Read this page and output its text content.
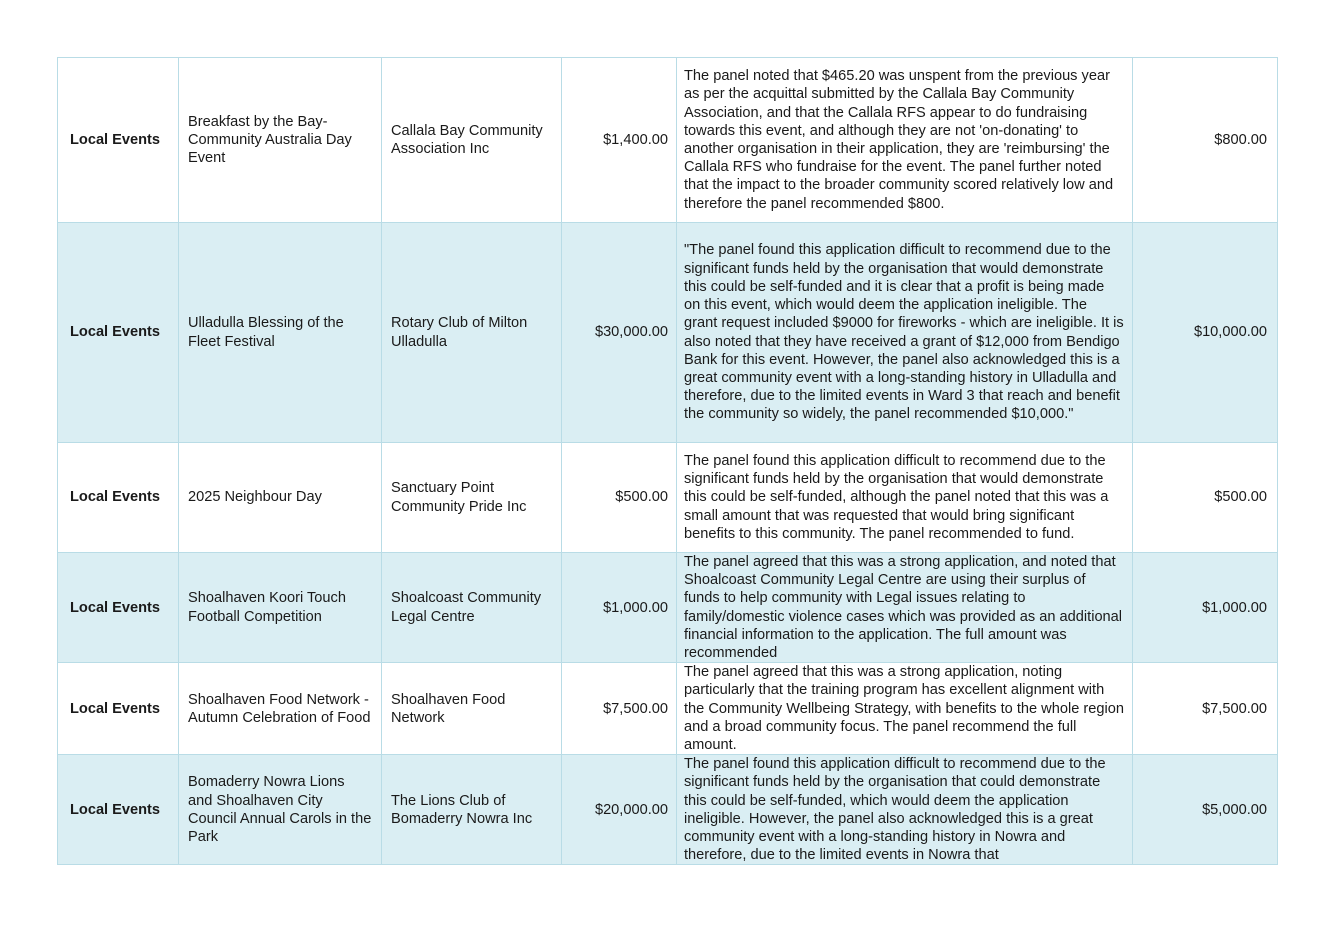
Local Events	Breakfast by the Bay- Community Australia Day Event	Callala Bay Community Association Inc	$1,400.00	The panel noted that $465.20 was unspent from the previous year as per the acquittal submitted by the Callala Bay Community Association, and that the Callala RFS appear to do fundraising towards this event, and although they are not 'on-donating' to another organisation in their application, they are 'reimbursing' the Callala RFS who fundraise for the event. The panel further noted that the impact to the broader community scored relatively low and therefore the panel recommended $800.	$800.00
Local Events	Ulladulla Blessing of the Fleet Festival	Rotary Club of Milton Ulladulla	$30,000.00	"The panel found this application difficult to recommend due to the significant funds held by the organisation that would demonstrate this could be self-funded and it is clear that a profit is being made on this event, which would deem the application ineligible. The grant request included $9000 for fireworks - which are ineligible. It is also noted that they have received a grant of $12,000 from Bendigo Bank for this event. However, the panel also acknowledged this is a great community event with a long-standing history in Ulladulla and therefore, due to the limited events in Ward 3 that reach and benefit the community so widely, the panel recommended $10,000."	$10,000.00
Local Events	2025 Neighbour Day	Sanctuary Point Community Pride Inc	$500.00	The panel found this application difficult to recommend due to the significant funds held by the organisation that would demonstrate this could be self-funded, although the panel noted that this was a small amount that was requested that would bring significant benefits to this community. The panel recommended to fund.	$500.00
Local Events	Shoalhaven Koori Touch Football Competition	Shoalcoast Community Legal Centre	$1,000.00	The panel agreed that this was a strong application, and noted that Shoalcoast Community Legal Centre are using their surplus of funds to help community with Legal issues relating to family/domestic violence cases which was provided as an additional financial information to the application. The full amount was recommended	$1,000.00
Local Events	Shoalhaven Food Network - Autumn Celebration of Food	Shoalhaven Food Network	$7,500.00	The panel agreed that this was a strong application, noting particularly that the training program has excellent alignment with the Community Wellbeing Strategy, with benefits to the whole region and a broad community focus. The panel recommend the full amount.	$7,500.00
Local Events	Bomaderry Nowra Lions and Shoalhaven City Council Annual Carols in the Park	The Lions Club of Bomaderry Nowra Inc	$20,000.00	The panel found this application difficult to recommend due to the significant funds held by the organisation that could demonstrate this could be self-funded, which would deem the application ineligible. However, the panel also acknowledged this is a great community event with a long-standing history in Nowra and therefore, due to the limited events in Nowra that	$5,000.00
